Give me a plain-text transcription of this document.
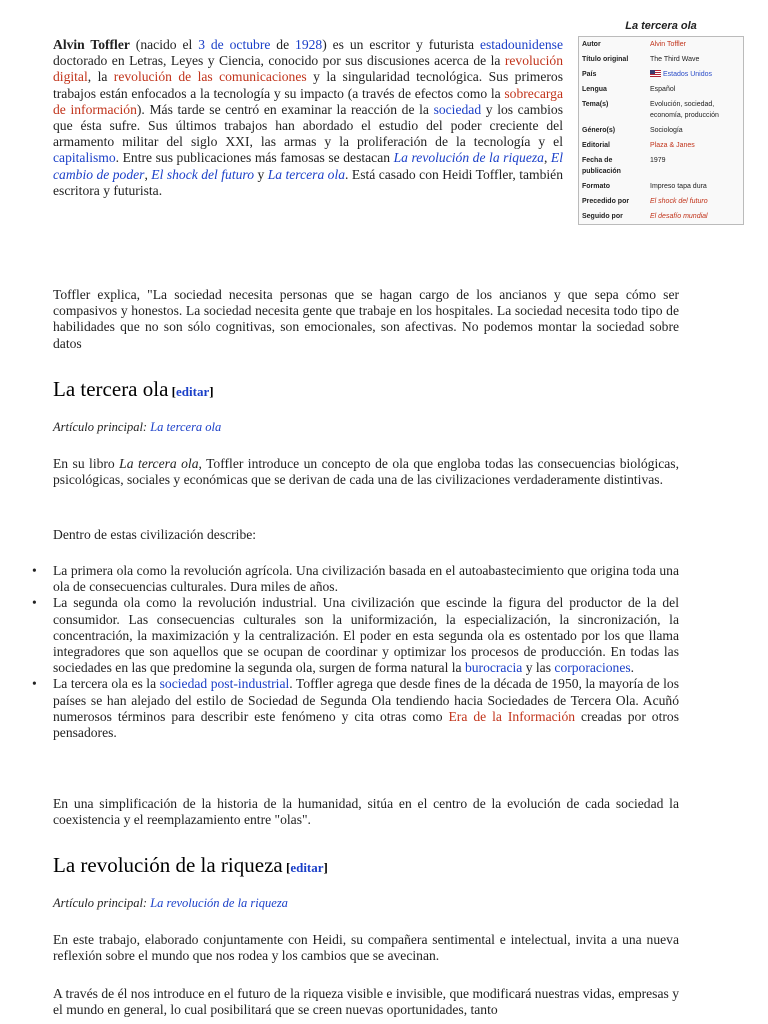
Alvin Toffler (nacido el 3 de octubre de 1928) es un escritor y futurista estadounidense doctorado en Letras, Leyes y Ciencia, conocido por sus discusiones acerca de la revolución digital, la revolución de las comunicaciones y la singularidad tecnológica. Sus primeros trabajos están enfocados a la tecnología y su impacto (a través de efectos como la sobrecarga de información). Más tarde se centró en examinar la reacción de la sociedad y los cambios que ésta sufre. Sus últimos trabajos han abordado el estudio del poder creciente del armamento militar del siglo XXI, las armas y la proliferación de la tecnología y el capitalismo. Entre sus publicaciones más famosas se destacan La revolución de la riqueza, El cambio de poder, El shock del futuro y La tercera ola. Está casado con Heidi Toffler, también escritora y futurista.

La tercera ola
Autor	Alvin Toffler
Título original	The Third Wave
País	Estados Unidos
Lengua	Español
Tema(s)	Evolución, sociedad, economía, producción
Género(s)	Sociología
Editorial	Plaza & Janes
Fecha de publicación	1979
Formato	Impreso tapa dura
Precedido por	El shock del futuro
Seguido por	El desafío mundial

Toffler explica, "La sociedad necesita personas que se hagan cargo de los ancianos y que sepa cómo ser compasivos y honestos. La sociedad necesita gente que trabaje en los hospitales. La sociedad necesita todo tipo de habilidades que no son sólo cognitivas, son emocionales, son afectivas. No podemos montar la sociedad sobre datos

La tercera ola [editar]

Artículo principal: La tercera ola

En su libro La tercera ola, Toffler introduce un concepto de ola que engloba todas las consecuencias biológicas, psicológicas, sociales y económicas que se derivan de cada una de las civilizaciones verdaderamente distintivas.

Dentro de estas civilización describe:

• La primera ola como la revolución agrícola. Una civilización basada en el autoabastecimiento que origina toda una ola de consecuencias culturales. Dura miles de años.
• La segunda ola como la revolución industrial. Una civilización que escinde la figura del productor de la del consumidor. Las consecuencias culturales son la uniformización, la especialización, la sincronización, la concentración, la maximización y la centralización. El poder en esta segunda ola es ostentado por los que llama integradores que son aquellos que se ocupan de coordinar y optimizar los procesos de producción. En todas las sociedades en las que predomine la segunda ola, surgen de forma natural la burocracia y las corporaciones.
• La tercera ola es la sociedad post-industrial. Toffler agrega que desde fines de la década de 1950, la mayoría de los países se han alejado del estilo de Sociedad de Segunda Ola tendiendo hacia Sociedades de Tercera Ola. Acuñó numerosos términos para describir este fenómeno y cita otras como Era de la Información creadas por otros pensadores.

En una simplificación de la historia de la humanidad, sitúa en el centro de la evolución de cada sociedad la coexistencia y el reemplazamiento entre "olas".

La revolución de la riqueza [editar]

Artículo principal: La revolución de la riqueza

En este trabajo, elaborado conjuntamente con Heidi, su compañera sentimental e intelectual, invita a una nueva reflexión sobre el mundo que nos rodea y los cambios que se avecinan.

A través de él nos introduce en el futuro de la riqueza visible e invisible, que modificará nuestras vidas, empresas y el mundo en general, lo cual posibilitará que se creen nuevas oportunidades, tanto
